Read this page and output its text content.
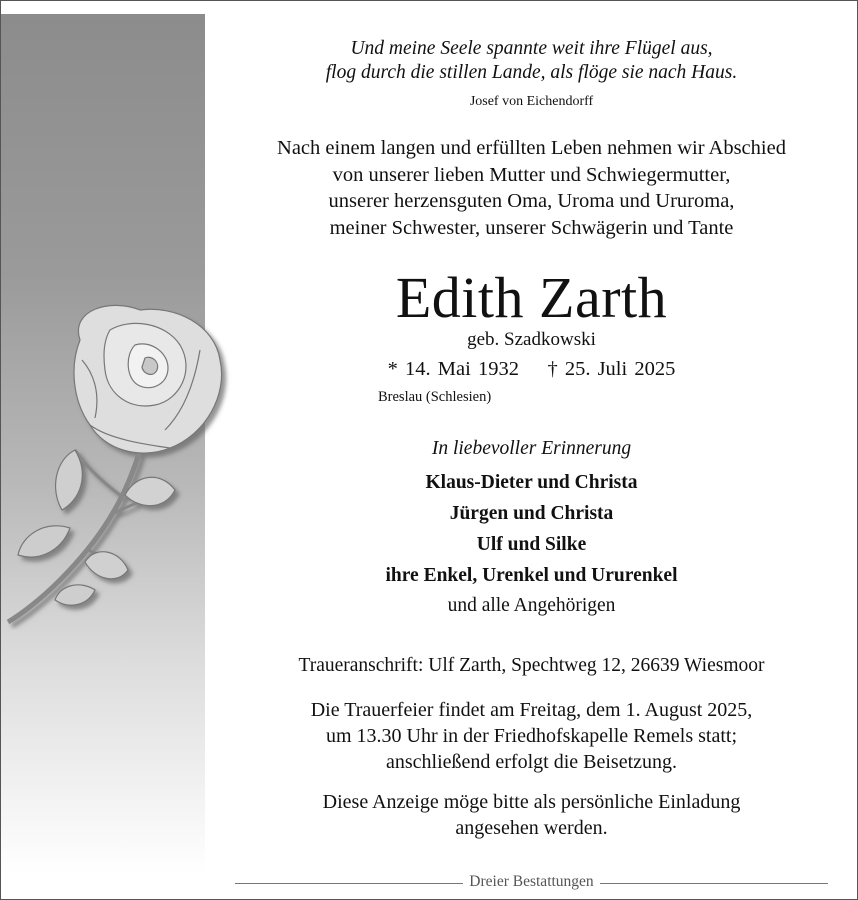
Und meine Seele spannte weit ihre Flügel aus,
flog durch die stillen Lande, als flöge sie nach Haus.
Josef von Eichendorff
Nach einem langen und erfüllten Leben nehmen wir Abschied
von unserer lieben Mutter und Schwiegermutter,
unserer herzensguten Oma, Uroma und Ururoma,
meiner Schwester, unserer Schwägerin und Tante
Edith Zarth
geb. Szadkowski
* 14. Mai 1932 † 25. Juli 2025
Breslau (Schlesien)
In liebevoller Erinnerung
Klaus-Dieter und Christa
Jürgen und Christa
Ulf und Silke
ihre Enkel, Urenkel und Ururenkel
und alle Angehörigen
Traueranschrift: Ulf Zarth, Spechtweg 12, 26639 Wiesmoor
Die Trauerfeier findet am Freitag, dem 1. August 2025,
um 13.30 Uhr in der Friedhofskapelle Remels statt;
anschließend erfolgt die Beisetzung.
Diese Anzeige möge bitte als persönliche Einladung
angesehen werden.
Dreier Bestattungen
